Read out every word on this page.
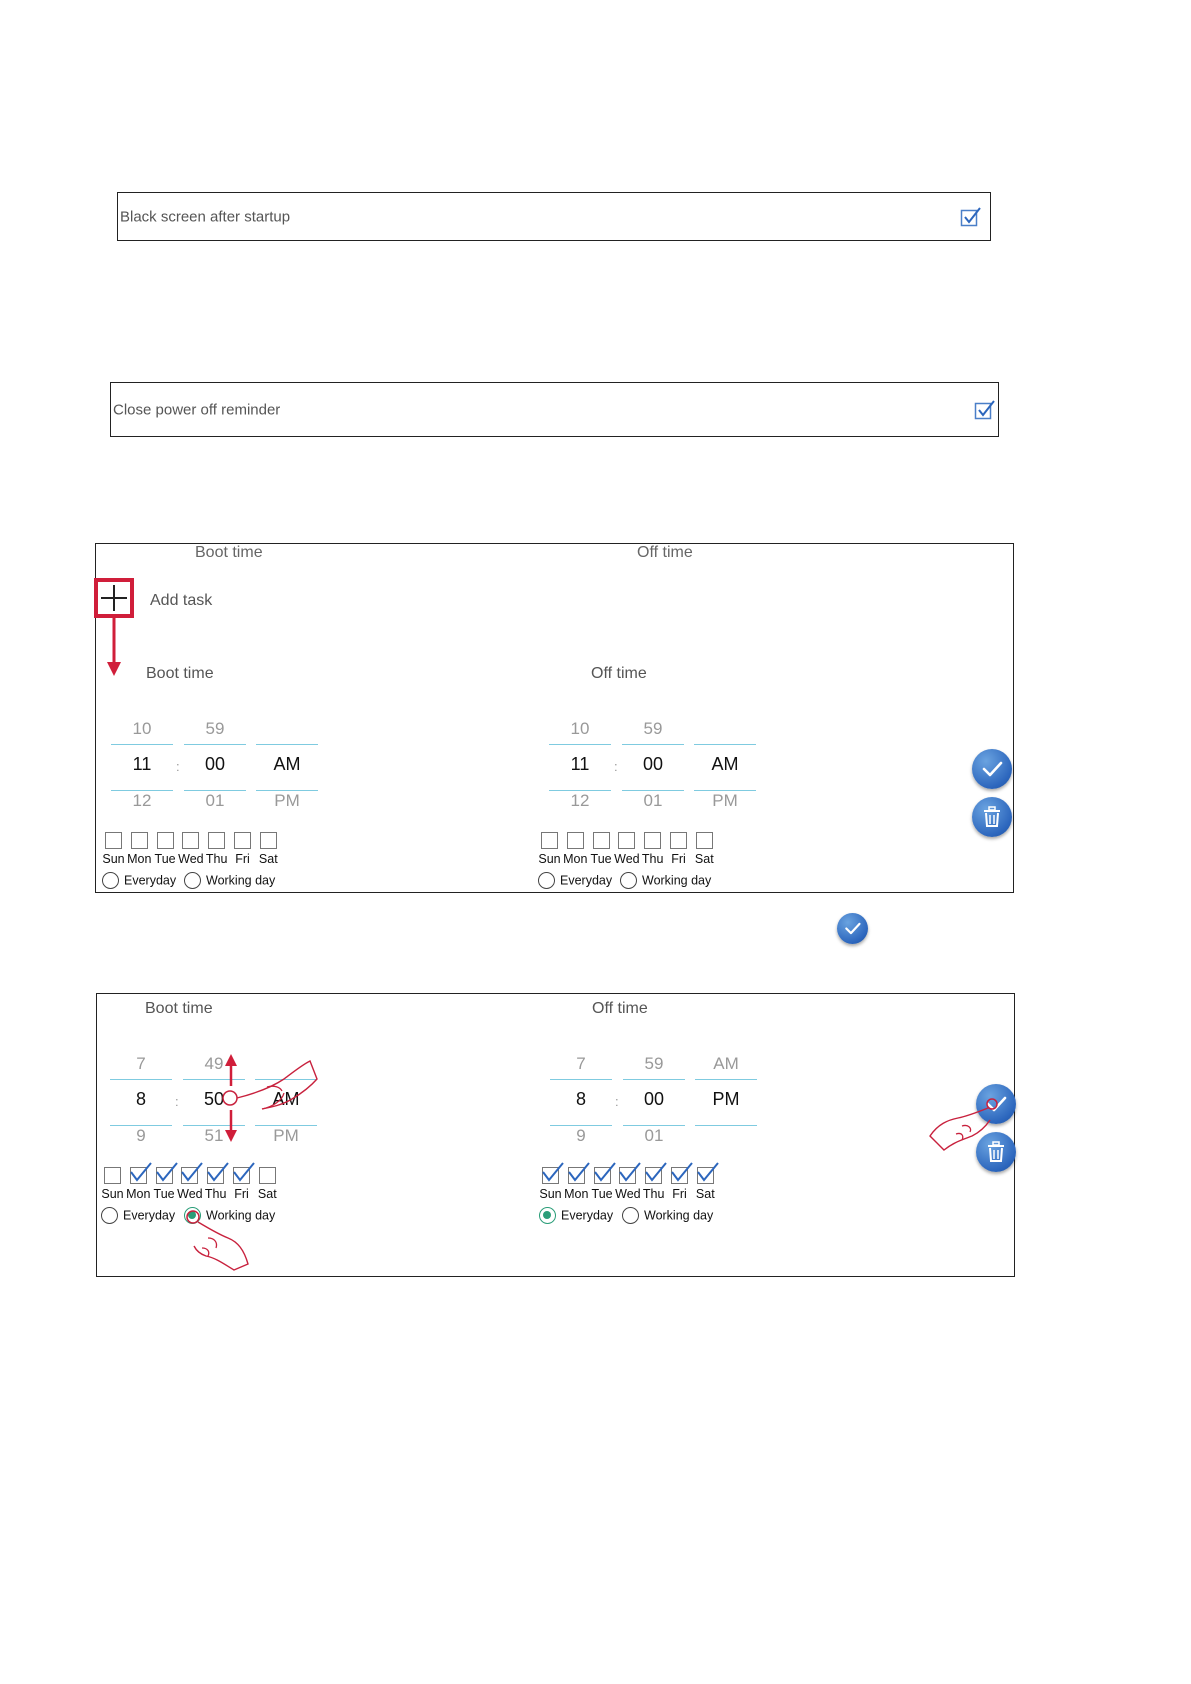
Black screen after startup
Close power off reminder
Boot time	Off time
Add task
Boot time	Off time
10
11
12
:
59
00
01
AM
PM
10
11
12
:
59
00
01
AM
PM
Sun Mon Tue Wed Thu Fri Sat	Sun Mon Tue Wed Thu Fri Sat
Everyday	Working day	Everyday	Working day
Boot time	Off time
7
8
9
:
49
50
51
AM
PM
7
8
9
:
59
00
01
AM
PM
Sun Mon Tue Wed Thu Fri Sat	Sun Mon Tue Wed Thu Fri Sat
Everyday	Working day	Everyday	Working day
